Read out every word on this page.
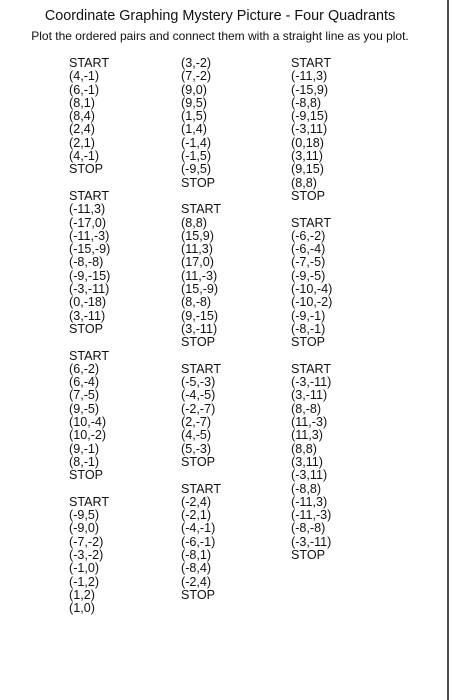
Coordinate Graphing Mystery Picture - Four Quadrants
Plot the ordered pairs and connect them with a straight line as you plot.
START
(4,-1)
(6,-1)
(8,1)
(8,4)
(2,4)
(2,1)
(4,-1)
STOP
START
(-11,3)
(-17,0)
(-11,-3)
(-15,-9)
(-8,-8)
(-9,-15)
(-3,-11)
(0,-18)
(3,-11)
STOP
START
(6,-2)
(6,-4)
(7,-5)
(9,-5)
(10,-4)
(10,-2)
(9,-1)
(8,-1)
STOP
START
(-9,5)
(-9,0)
(-7,-2)
(-3,-2)
(-1,0)
(-1,2)
(1,2)
(1,0)
(3,-2)
(7,-2)
(9,0)
(9,5)
(1,5)
(1,4)
(-1,4)
(-1,5)
(-9,5)
STOP
START
(8,8)
(15,9)
(11,3)
(17,0)
(11,-3)
(15,-9)
(8,-8)
(9,-15)
(3,-11)
STOP
START
(-5,-3)
(-4,-5)
(-2,-7)
(2,-7)
(4,-5)
(5,-3)
STOP
START
(-2,4)
(-2,1)
(-4,-1)
(-6,-1)
(-8,1)
(-8,4)
(-2,4)
STOP
START
(-11,3)
(-15,9)
(-8,8)
(-9,15)
(-3,11)
(0,18)
(3,11)
(9,15)
(8,8)
STOP
START
(-6,-2)
(-6,-4)
(-7,-5)
(-9,-5)
(-10,-4)
(-10,-2)
(-9,-1)
(-8,-1)
STOP
START
(-3,-11)
(3,-11)
(8,-8)
(11,-3)
(11,3)
(8,8)
(3,11)
(-3,11)
(-8,8)
(-11,3)
(-11,-3)
(-8,-8)
(-3,-11)
STOP
